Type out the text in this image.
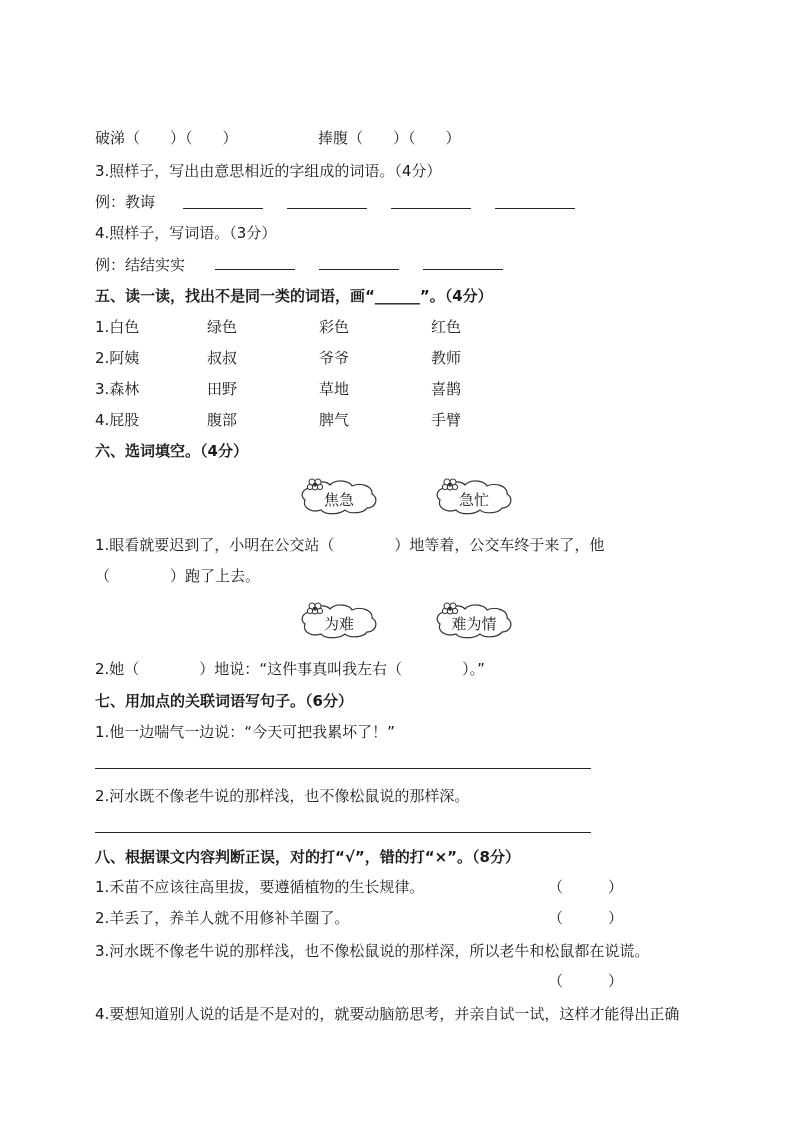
破涕（　　）（　　）	捧腹（　　）（　　）
3.照样子，写出由意思相近的字组成的词语。（4分）
例：教诲
4.照样子，写词语。（3分）
例：结结实实
五、读一读，找出不是同一类的词语，画“______”。（4分）
1.白色	绿色	彩色	红色
2.阿姨	叔叔	爷爷	教师
3.森林	田野	草地	喜鹊
4.屁股	腹部	脾气	手臂
六、选词填空。（4分）
焦急	急忙
1.眼看就要迟到了，小明在公交站（　　　　）地等着，公交车终于来了，他
（　　　　）跑了上去。
为难	难为情
2.她（　　　　）地说：“这件事真叫我左右（　　　　）。”
七、用加点的关联词语写句子。（6分）
1.他一边喘气一边说：“今天可把我累坏了！”
2.河水既不像老牛说的那样浅，也不像松鼠说的那样深。
八、根据课文内容判断正误，对的打“√”，错的打“×”。（8分）
1.禾苗不应该往高里拔，要遵循植物的生长规律。	（　　　）
2.羊丢了，养羊人就不用修补羊圈了。	（　　　）
3.河水既不像老牛说的那样浅，也不像松鼠说的那样深，所以老牛和松鼠都在说谎。
（　　　）
4.要想知道别人说的话是不是对的，就要动脑筋思考，并亲自试一试，这样才能得出正确
